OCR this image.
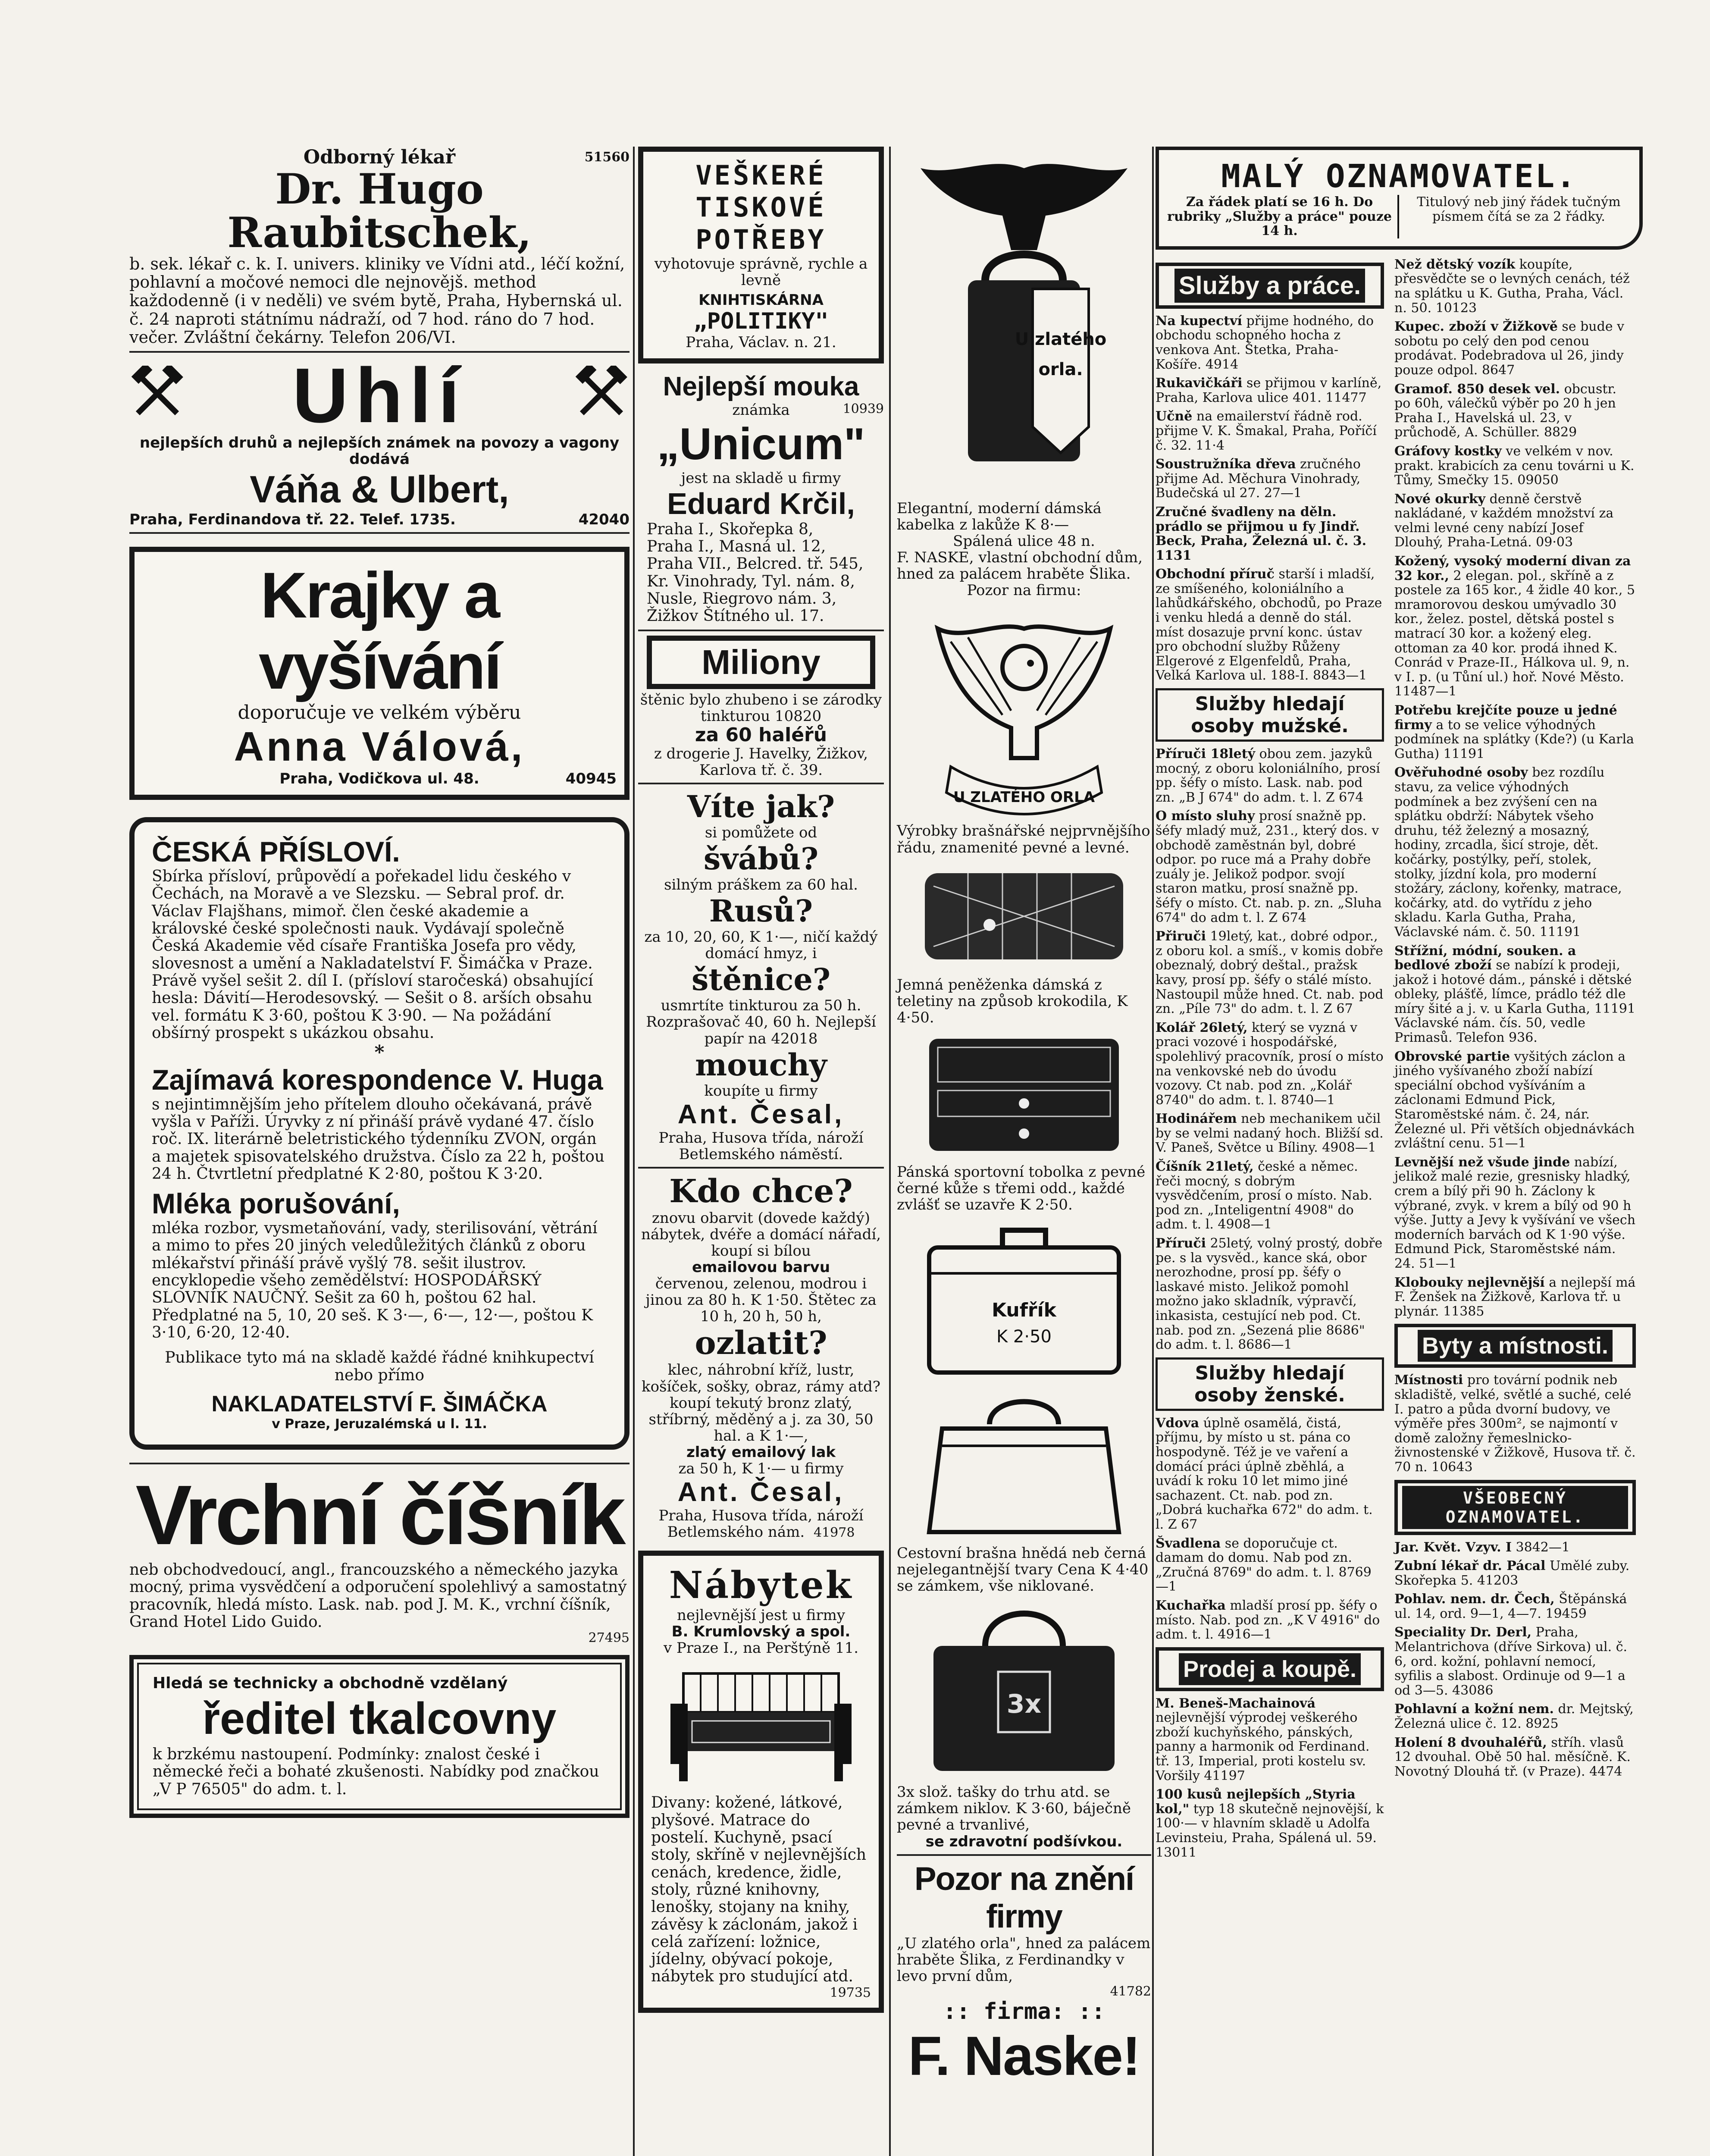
Odborný lékař	51560
Dr. Hugo Raubitschek,
b. sek. lékař c. k. I. univers. kliniky ve Vídni atd., léčí kožní, pohlavní a močové nemoci dle nejnovějš. method každodenně (i v neděli) ve svém bytě, Praha, Hybernská ul. č. 24 naproti státnímu nádraží, od 7 hod. ráno do 7 hod. večer. Zvláštní čekárny. Telefon 206/VI.
Uhlí
nejlepších druhů a nejlepších známek na povozy a vagony dodává
Váňa & Ulbert,
Praha, Ferdinandova tř. 22. Telef. 1735.	42040
Krajky a vyšívání
doporučuje ve velkém výběru
Anna Válová,
Praha, Vodičkova ul. 48.	40945
ČESKÁ PŘÍSLOVÍ.
Sbírka přísloví, průpovědí a pořekadel lidu českého v Čechách, na Moravě a ve Slezsku. — Sebral prof. dr. Václav Flajšhans, mimoř. člen české akademie a královské české společnosti nauk. Vydávají společně Česká Akademie věd císaře Františka Josefa pro vědy, slovesnost a umění a Nakladatelství F. Šimáčka v Praze.
Právě vyšel sešit 2. díl I. (přísloví staročeská) obsahující hesla: Dávití—Herodesovský. — Sešit o 8. arších obsahu vel. formátu K 3·60, poštou K 3·90. — Na požádání obšírný prospekt s ukázkou obsahu.
*
Zajímavá korespondence V. Huga
s nejintimnějším jeho přítelem dlouho očekávaná, právě vyšla v Paříži. Úryvky z ní přináší právě vydané 47. číslo roč. IX. literárně beletristického týdenníku ZVON, orgán a majetek spisovatelského družstva. Číslo za 22 h, poštou 24 h. Čtvrtletní předplatné K 2·80, poštou K 3·20.
Mléka porušování,
mléka rozbor, vysmetaňování, vady, sterilisování, větrání a mimo to přes 20 jiných veledůležitých článků z oboru mlékařství přináší právě vyšlý 78. sešit ilustrov. encyklopedie všeho zemědělství: HOSPODÁŘSKÝ SLOVNÍK NAUČNÝ. Sešit za 60 h, poštou 62 hal. Předplatné na 5, 10, 20 seš. K 3·—, 6·—, 12·—, poštou K 3·10, 6·20, 12·40.
Publikace tyto má na skladě každé řádné knihkupectví nebo přímo
NAKLADATELSTVÍ F. ŠIMÁČKA
v Praze, Jeruzalémská u l. 11.
Vrchní číšník
neb obchodvedoucí, angl., francouzského a německého jazyka mocný, prima vysvědčení a odporučení spolehlivý a samostatný pracovník, hledá místo. Lask. nab. pod J. M. K., vrchní číšník, Grand Hotel Lido Guido.
27495
Hledá se technicky a obchodně vzdělaný
ředitel tkalcovny
k brzkému nastoupení. Podmínky: znalost české i německé řeči a bohaté zkušenosti. Nabídky pod značkou „V P 76505" do adm. t. l.
VEŠKERÉ TISKOVÉ POTŘEBY
vyhotovuje správně, rychle a levně
KNIHTISKÁRNA
„POLITIKY"
Praha, Václav. n. 21.
Nejlepší mouka
známka	10939
„Unicum"
jest na skladě u firmy
Eduard Krčil,
Praha I., Skořepka 8,
Praha I., Masná ul. 12,
Praha VII., Belcred. tř. 545,
Kr. Vinohrady, Tyl. nám. 8,
Nusle, Riegrovo nám. 3,
Žižkov Štítného ul. 17.
Miliony
štěnic bylo zhubeno i se zárodky tinkturou 10820
za 60 haléřů
z drogerie J. Havelky, Žižkov, Karlova tř. č. 39.
Víte jak?
si pomůžete od
švábů?
silným práškem za 60 hal.
Rusů?
za 10, 20, 60, K 1·—, ničí každý domácí hmyz, i
štěnice?
usmrtíte tinkturou za 50 h. Rozprašovač 40, 60 h. Nejlepší papír na 42018
mouchy
koupíte u firmy
Ant. Česal,
Praha, Husova třída, nároží Betlemského náměstí.
Kdo chce?
znovu obarvit (dovede každý) nábytek, dvéře a domácí nářadí, koupí si bílou
emailovou barvu
červenou, zelenou, modrou i jinou za 80 h. K 1·50. Štětec za 10 h, 20 h, 50 h,
ozlatit?
klec, náhrobní kříž, lustr, košíček, sošky, obraz, rámy atd? koupí tekutý bronz zlatý, stříbrný, měděný a j. za 30, 50 hal. a K 1·—,
zlatý emailový lak
za 50 h, K 1·— u firmy
Ant. Česal,
Praha, Husova třída, nároží Betlemského nám. 41978
Nábytek
nejlevnější jest u firmy
B. Krumlovský a spol.
v Praze I., na Perštýně 11.
Divany: kožené, látkové, plyšové. Matrace do postelí. Kuchyně, psací stoly, skříně v nejlevnějších cenách, kredence, židle, stoly, různé knihovny, lenošky, stojany na knihy, závěsy k záclonám, jakož i celá zařízení: ložnice, jídelny, obývací pokoje, nábytek pro studující atd.
19735
U zlatého
orla.
Elegantní, moderní dámská kabelka z lakůže K 8·—
Spálená ulice 48 n.
F. NASKE, vlastní obchodní dům, hned za palácem hraběte Šlika.
Pozor na firmu:
U ZLATÉHO ORLA
Výrobky brašnářské nejprvnějšího řádu, znamenité pevné a levné.
Jemná peněženka dámská z teletiny na způsob krokodila, K 4·50.
Pánská sportovní tobolka z pevné černé kůže s třemi odd., každé zvlášť se uzavře K 2·50.
Kufřík
K 2·50
Cestovní brašna hnědá neb černá nejelegantnější tvary Cena K 4·40 se zámkem, vše niklované.
3x
3x slož. tašky do trhu atd. se zámkem niklov. K 3·60, báječně pevné a trvanlivé,
se zdravotní podšívkou.
Pozor na znění firmy
„U zlatého orla", hned za palácem hraběte Šlika, z Ferdinandky v levo první dům,
41782
:: firma: ::
F. Naske!
MALÝ OZNAMOVATEL.
Za řádek platí se 16 h. Do rubriky „Služby a práce" pouze 14 h.
Titulový neb jiný řádek tučným písmem čítá se za 2 řádky.
Služby a práce.
Na kupectví přijme hodného, do obchodu schopného hocha z venkova Ant. Štetka, Praha-Košíře. 4914
Rukavičkáři se přijmou v karlíně, Praha, Karlova ulice 401. 11477
Učně na emailerství řádně rod. přijme V. K. Šmakal, Praha, Poříčí č. 32. 11·4
Soustružníka dřeva zručného přijme Ad. Měchura Vinohrady, Budečská ul 27. 27—1
Zručné švadleny na děln. prádlo se přijmou u fy Jindř. Beck, Praha, Železná ul. č. 3. 1131
Obchodní příruč starší i mladší, ze smíšeného, koloniálního a lahůdkářského, obchodů, po Praze i venku hledá a denně do stál. míst dosazuje první konc. ústav pro obchodní služby Růženy Elgerové z Elgenfeldů, Praha, Velká Karlova ul. 188-I. 8843—1
Služby hledají osoby mužské.
Příruči 18letý obou zem. jazyků mocný, z oboru koloniálního, prosí pp. šéfy o místo. Lask. nab. pod zn. „B J 674" do adm. t. l. Z 674
O místo sluhy prosí snažně pp. šéfy mladý muž, 231., který dos. v obchodě zaměstnán byl, dobré odpor. po ruce má a Prahy dobře zuály je. Jelikož podpor. svojí staron matku, prosí snažně pp. šéfy o místo. Ct. nab. p. zn. „Sluha 674" do adm t. l. Z 674
Přiruči 19letý, kat., dobré odpor., z oboru kol. a smíš., v komis dobře obeznalý, dobrý deštal., pražsk kavy, prosí pp. šéfy o stálé místo. Nastoupil může hned. Ct. nab. pod zn. „Píle 73" do adm. t. l. Z 67
Kolář 26letý, který se vyzná v praci vozové i hospodářské, spolehlivý pracovník, prosí o místo na venkovské neb do úvodu vozovy. Ct nab. pod zn. „Kolář 8740" do adm. t. l. 8740—1
Hodinářem neb mechanikem učil by se velmi nadaný hoch. Bližší sd. V. Paneš, Světce u Bíliny. 4908—1
Číšník 21letý, české a němec. řeči mocný, s dobrým vysvědčením, prosí o místo. Nab. pod zn. „Inteligentní 4908" do adm. t. l. 4908—1
Příruči 25letý, volný prostý, dobře pe. s la vysvěd., kance ská, obor nerozhodne, prosí pp. šéfy o laskavé misto. Jelikož pomohl možno jako skladník, výpravčí, inkasista, cestující neb pod. Ct. nab. pod zn. „Sezená plie 8686" do adm. t. l. 8686—1
Služby hledají osoby ženské.
Vdova úplně osamělá, čistá, příjmu, by místo u st. pána co hospodyně. Též je ve vaření a domácí práci úplně zběhlá, a uvádí k roku 10 let mimo jiné sachazent. Ct. nab. pod zn. „Dobrá kuchařka 672" do adm. t. l. Z 67
Švadlena se doporučuje ct. damam do domu. Nab pod zn. „Zručná 8769" do adm. t. l. 8769—1
Kuchařka mladší prosí pp. šéfy o místo. Nab. pod zn. „K V 4916" do adm. t. l. 4916—1
Prodej a koupě.
M. Beneš-Machainová nejlevnější výprodej veškerého zboží kuchyňského, pánských, panny a harmonik od Ferdinand. tř. 13, Imperial, proti kostelu sv. Voršily 41197
100 kusů nejlepších „Styria kol," typ 18 skutečně nejnovější, k 100·— v hlavním skladě u Adolfa Levinsteiu, Praha, Spálená ul. 59. 13011
Než dětský vozík koupíte, přesvědčte se o levných cenách, též na splátku u K. Gutha, Praha, Václ. n. 50. 10123
Kupec. zboží v Žižkově se bude v sobotu po celý den pod cenou prodávat. Podebradova ul 26, jindy pouze odpol. 8647
Gramof. 850 desek vel. obcustr. po 60h, válečků výběr po 20 h jen Praha I., Havelská ul. 23, v průchodě, A. Schüller. 8829
Gráfovy kostky ve velkém v nov. prakt. krabicích za cenu továrni u K. Tůmy, Smečky 15. 09050
Nové okurky denně čerstvě nakládané, v každém množství za velmi levné ceny nabízí Josef Dlouhý, Praha-Letná. 09·03
Kožený, vysoký moderní divan za 32 kor., 2 elegan. pol., skříně a z postele za 165 kor., 4 židle 40 kor., 5 mramorovou deskou umývadlo 30 kor., želez. postel, dětská postel s matrací 30 kor. a kožený eleg. ottoman za 40 kor. prodá ihned K. Conrád v Praze-II., Hálkova ul. 9, n. v I. p. (u Tůní ul.) hoř. Nové Město. 11487—1
Potřebu krejčíte pouze u jedné firmy a to se velice výhodných podmínek na splátky (Kde?) (u Karla Gutha) 11191
Ověřuhodné osoby bez rozdílu stavu, za velice výhodných podmínek a bez zvýšení cen na splátku obdrží: Nábytek všeho druhu, též železný a mosazný, hodiny, zrcadla, šicí stroje, dět. kočárky, postýlky, peří, stolek, stolky, jízdní kola, pro moderní stožáry, záclony, kořenky, matrace, kočárky, atd. do vytřídu z jeho skladu. Karla Gutha, Praha, Václavské nám. č. 50. 11191
Střížní, módní, souken. a bedlové zboží se nabízí k prodeji, jakož i hotové dám., pánské i dětské obleky, plášťě, límce, prádlo též dle míry šité a j. v. u Karla Gutha, 11191 Václavské nám. čís. 50, vedle Primasů. Telefon 936.
Obrovské partie vyšitých záclon a jiného vyšívaného zboží nabízí speciální obchod vyšíváním a záclonami Edmund Pick, Staroměstské nám. č. 24, nár. Železné ul. Při větších objednávkách zvláštní cenu. 51—1
Levnější než všude jinde nabízí, jelikož malé rezie, gresnisky hladký, crem a bílý při 90 h. Záclony k výbrané, zvyk. v krem a bílý od 90 h výše. Jutty a Jevy k vyšívání ve všech moderních barvách od K 1·90 výše. Edmund Pick, Staroměstské nám. 24. 51—1
Klobouky nejlevnější a nejlepší má F. Ženšek na Žižkově, Karlova tř. u plynár. 11385
Byty a místnosti.
Místnosti pro tovární podnik neb skladiště, velké, světlé a suché, celé I. patro a půda dvorní budovy, ve výměře přes 300m², se najmontí v domě založny řemeslnicko-živnostenské v Žižkově, Husova tř. č. 70 n. 10643
VŠEOBECNÝ OZNAMOVATEL.
Jar. Květ. Vzyv. I 3842—1
Zubní lékař dr. Pácal Umělé zuby. Skořepka 5. 41203
Pohlav. nem. dr. Čech, Štěpánská ul. 14, ord. 9—1, 4—7. 19459
Speciality Dr. Derl, Praha, Melantrichova (dříve Sirkova) ul. č. 6, ord. kožní, pohlavní nemocí, syfilis a slabost. Ordinuje od 9—1 a od 3—5. 43086
Pohlavní a kožní nem. dr. Mejtský, Železná ulice č. 12. 8925
Holení 8 dvouhaléřů, stříh. vlasů 12 dvouhal. Obě 50 hal. měsíčně. K. Novotný Dlouhá tř. (v Praze). 4474
